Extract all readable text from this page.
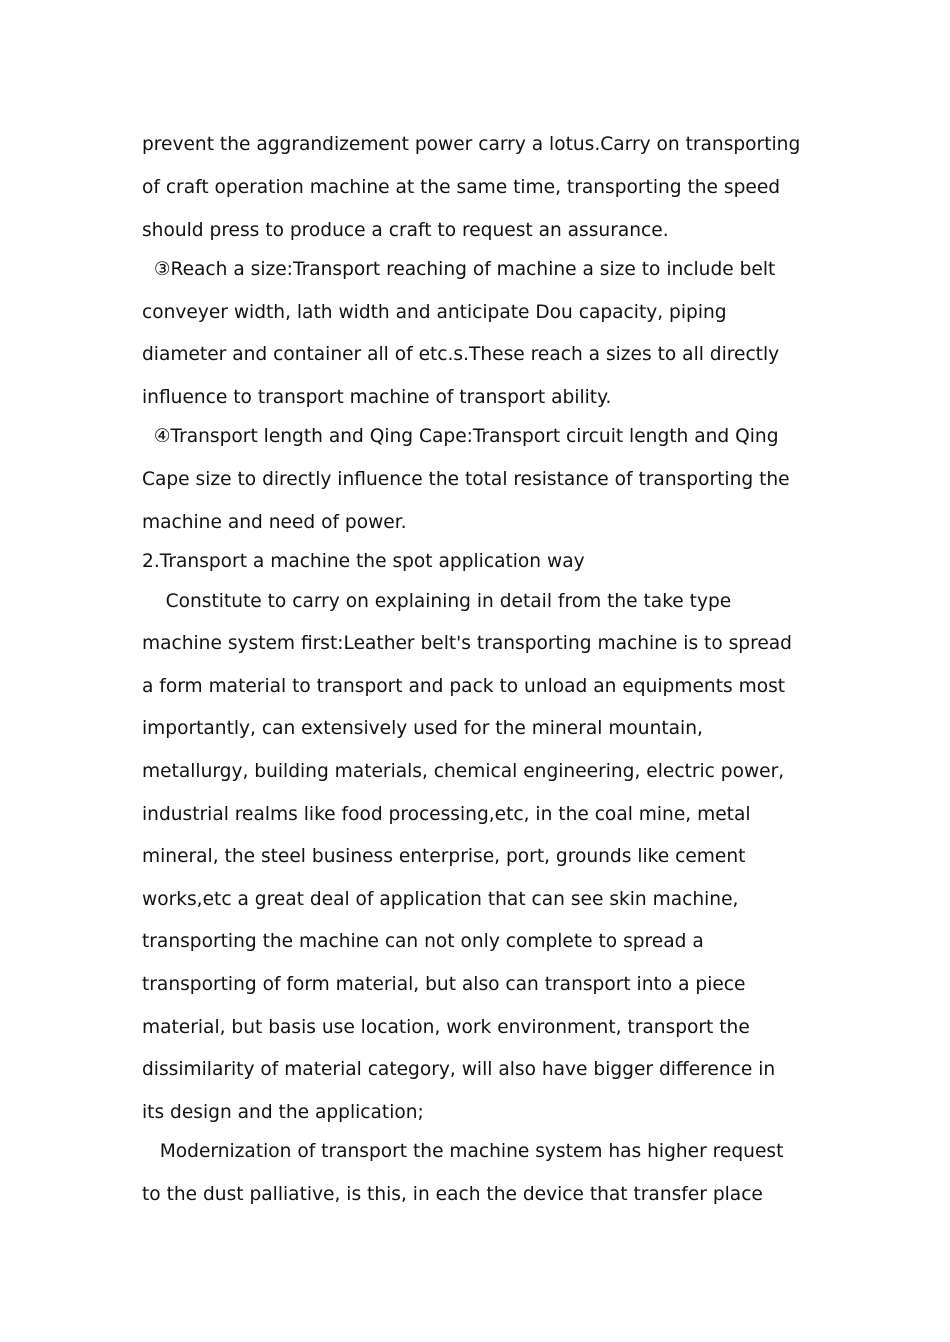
prevent the aggrandizement power carry a lotus.Carry on transporting

of craft operation machine at the same time, transporting the speed

should press to produce a craft to request an assurance.

③Reach a size:Transport reaching of machine a size to include belt

conveyer width, lath width and anticipate Dou capacity, piping

diameter and container all of etc.s.These reach a sizes to all directly

influence to transport machine of transport ability.

④Transport length and Qing Cape:Transport circuit length and Qing

Cape size to directly influence the total resistance of transporting the

machine and need of power.

2.Transport a machine the spot application way

Constitute to carry on explaining in detail from the take type

machine system first:Leather belt's transporting machine is to spread

a form material to transport and pack to unload an equipments most

importantly, can extensively used for the mineral mountain,

metallurgy, building materials, chemical engineering, electric power,

industrial realms like food processing,etc, in the coal mine, metal

mineral, the steel business enterprise, port, grounds like cement

works,etc a great deal of application that can see skin machine,

transporting the machine can not only complete to spread a

transporting of form material, but also can transport into a piece

material, but basis use location, work environment, transport the

dissimilarity of material category, will also have bigger difference in

its design and the application;

Modernization of transport the machine system has higher request

to the dust palliative, is this, in each the device that transfer place
